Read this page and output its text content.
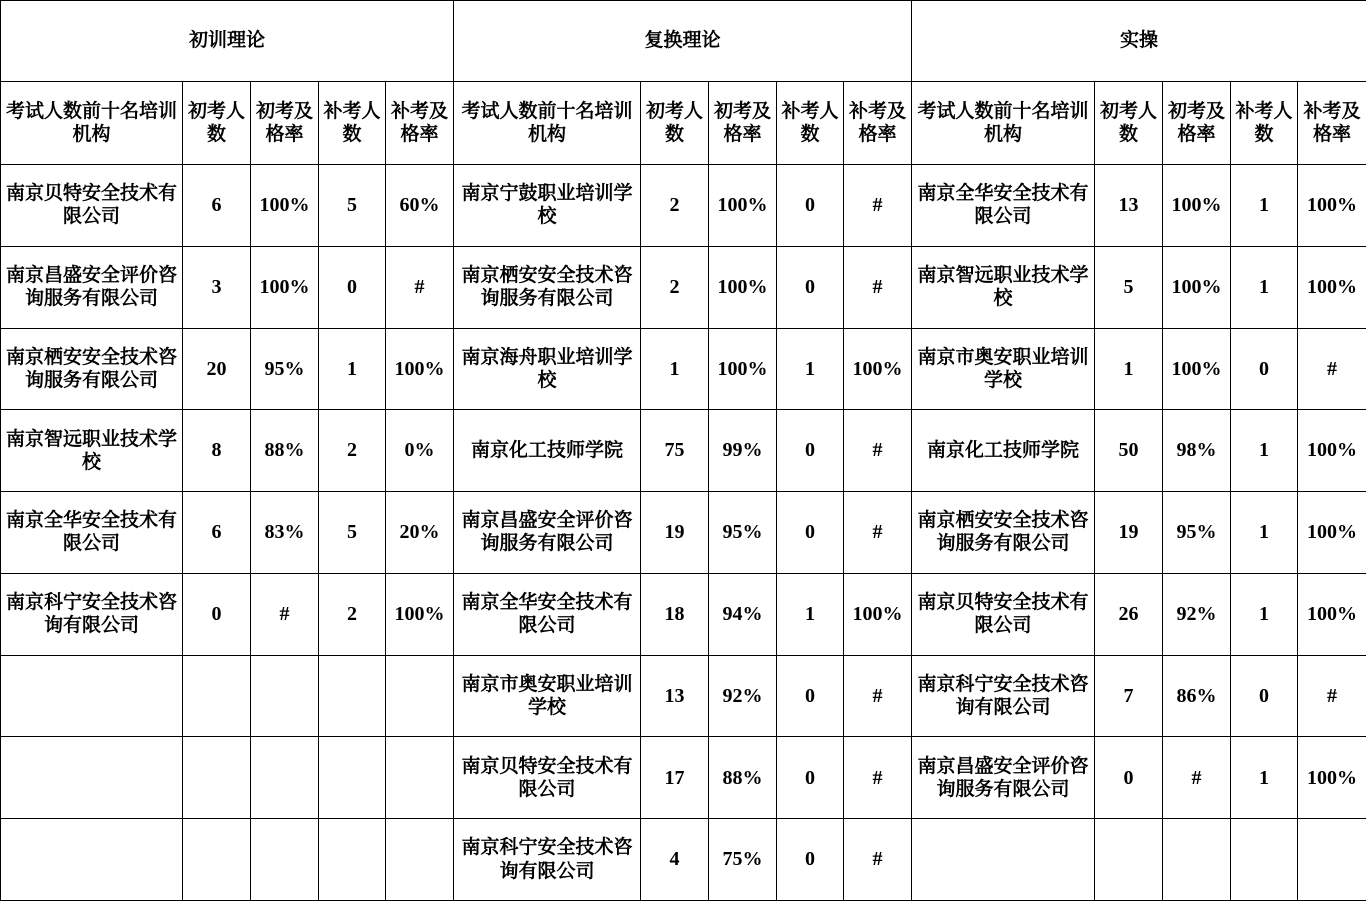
初训理论					复换理论					实操				
考试人数前十名培训机构	初考人数	初考及格率	补考人数	补考及格率	考试人数前十名培训机构	初考人数	初考及格率	补考人数	补考及格率	考试人数前十名培训机构	初考人数	初考及格率	补考人数	补考及格率
南京贝特安全技术有限公司	6	100%	5	60%	南京宁鼓职业培训学校	2	100%	0	#	南京全华安全技术有限公司	13	100%	1	100%
南京昌盛安全评价咨询服务有限公司	3	100%	0	#	南京栖安安全技术咨询服务有限公司	2	100%	0	#	南京智远职业技术学校	5	100%	1	100%
南京栖安安全技术咨询服务有限公司	20	95%	1	100%	南京海舟职业培训学校	1	100%	1	100%	南京市奥安职业培训学校	1	100%	0	#
南京智远职业技术学校	8	88%	2	0%	南京化工技师学院	75	99%	0	#	南京化工技师学院	50	98%	1	100%
南京全华安全技术有限公司	6	83%	5	20%	南京昌盛安全评价咨询服务有限公司	19	95%	0	#	南京栖安安全技术咨询服务有限公司	19	95%	1	100%
南京科宁安全技术咨询有限公司	0	#	2	100%	南京全华安全技术有限公司	18	94%	1	100%	南京贝特安全技术有限公司	26	92%	1	100%
					南京市奥安职业培训学校	13	92%	0	#	南京科宁安全技术咨询有限公司	7	86%	0	#
					南京贝特安全技术有限公司	17	88%	0	#	南京昌盛安全评价咨询服务有限公司	0	#	1	100%
					南京科宁安全技术咨询有限公司	4	75%	0	#					
